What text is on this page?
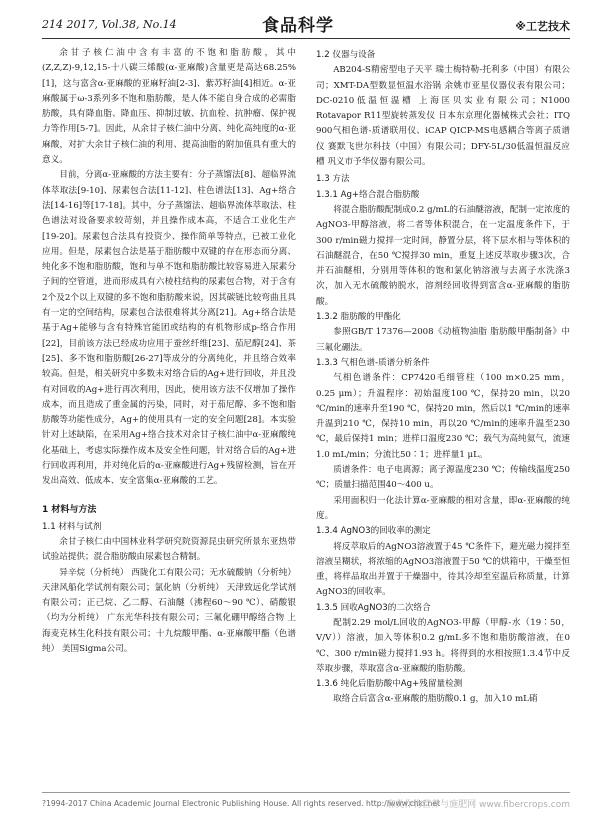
214 2017, Vol.38, No.14	食品科学	※工艺技术

余甘子核仁油中含有丰富的不饱和脂肪酸，其中(Z,Z,Z)-9,12,15-十八碳三烯酸(α-亚麻酸)含量更是高达68.25%[1]，这与富含α-亚麻酸的亚麻籽油[2-3]、紫苏籽油[4]相近。α-亚麻酸属于ω-3系列多不饱和脂肪酸，是人体不能自身合成的必需脂肪酸，具有降血脂、降血压、抑制过敏、抗血栓、抗肿瘤、保护视力等作用[5-7]。因此，从余甘子核仁油中分离、纯化高纯度的α-亚麻酸，对扩大余甘子核仁油的利用、提高油脂的附加值具有重大的意义。

目前，分离α-亚麻酸的方法主要有：分子蒸馏法[8]、超临界流体萃取法[9-10]、尿素包合法[11-12]、柱色谱法[13]、Ag+络合法[14-16]等[17-18]。其中，分子蒸馏法、超临界流体萃取法、柱色谱法对设备要求较苛刻，并且操作成本高，不适合工业化生产[19-20]。尿素包合法具有投资少、操作简单等特点，已被工业化应用。但是，尿素包合法是基于脂肪酸中双键的存在形态而分离、纯化多不饱和脂肪酸，饱和与单不饱和脂肪酸比较容易进入尿素分子间的空管道，进而形成具有六棱柱结构的尿素包合物，对于含有2个及2个以上双键的多不饱和脂肪酸来说，因其碳链比较弯曲且具有一定的空间结构，尿素包合法很难将其分离[21]。Ag+络合法是基于Ag+能够与含有特殊官能团或结构的有机物形成p-络合作用[22]，目前该方法已经成功应用于蚕丝纤维[23]、茄尼醇[24]、茶[25]、多不饱和脂肪酸[26-27]等成分的分离纯化，并且络合效率较高。但是，相关研究中多数未对络合后的Ag+进行回收，并且没有对回收的Ag+进行再次利用，因此，使用该方法不仅增加了操作成本，而且造成了重金属的污染，同时，对于茄尼醇、多不饱和脂肪酸等功能性成分，Ag+的使用具有一定的安全问题[28]。本实验针对上述缺陷，在采用Ag+络合技术对余甘子核仁油中α-亚麻酸纯化基础上，考虑实际操作成本及安全性问题，针对络合后的Ag+进行回收再利用，并对纯化后的α-亚麻酸进行Ag+残留检测，旨在开发出高效、低成本、安全富集α-亚麻酸的工艺。

1 材料与方法
1.1 材料与试剂

余甘子核仁由中国林业科学研究院资源昆虫研究所景东亚热带试验站提供；混合脂肪酸由尿素包合精制。

异辛烷（分析纯） 西陇化工有限公司；无水硫酸钠（分析纯） 天津风船化学试剂有限公司；氯化钠（分析纯） 天津致远化学试剂有限公司；正己烷、乙二醇、石油醚（沸程60～90 ℃）、硝酸银（均为分析纯） 广东光华科技有限公司；三氟化硼甲醇络合物 上海麦克林生化科技有限公司；十九烷酸甲酯、α-亚麻酸甲酯（色谱纯） 美国Sigma公司。

1.2 仪器与设备

AB204-S精密型电子天平 瑞士梅特勒-托利多（中国）有限公司；XMT-DA型数显恒温水浴锅 余姚市亚星仪器仪表有限公司；DC-0210低温恒温槽 上海匡贝实业有限公司；N1000 Rotavapor R11型旋转蒸发仪 日本东京理化器械株式会社；ITQ 900气相色谱-质谱联用仪、iCAP QICP-MS电感耦合等离子质谱仪 赛默飞世尔科技（中国）有限公司；DFY-5L/30低温恒温反应槽 巩义市予华仪器有限公司。

1.3 方法
1.3.1 Ag+络合混合脂肪酸

将混合脂肪酸配制成0.2 g/mL的石油醚溶液，配制一定浓度的AgNO3-甲醇溶液，将二者等体积混合，在一定温度条件下，于300 r/min磁力搅拌一定时间，静置分层，将下层水相与等体积的石油醚混合，在50 ℃搅拌30 min，重复上述反萃取步骤3次，合并石油醚相，分别用等体积的饱和氯化钠溶液与去离子水洗涤3次，加入无水硫酸钠脱水，溶剂经回收得到富含α-亚麻酸的脂肪酸。

1.3.2 脂肪酸的甲酯化

参照GB/T 17376—2008《动植物油脂 脂肪酸甲酯制备》中三氟化硼法。

1.3.3 气相色谱-质谱分析条件

气相色谱条件：CP7420毛细管柱（100 m×0.25 mm，0.25 μm）；升温程序：初始温度100 ℃，保持20 min，以20 ℃/min的速率升至190 ℃，保持20 min，然后以1 ℃/min的速率升温到210 ℃，保持10 min，再以20 ℃/min的速率升温至230 ℃，最后保持1 min；进样口温度230 ℃；载气为高纯氦气，流速1.0 mL/min；分流比50∶1；进样量1 μL。

质谱条件：电子电离源；离子源温度230 ℃；传输线温度250 ℃；质量扫描范围40～400 u。

采用面积归一化法计算α-亚麻酸的相对含量，即α-亚麻酸的纯度。

1.3.4 AgNO3的回收率的测定

将反萃取后的AgNO3溶液置于45 ℃条件下，避光磁力搅拌至溶液呈糊状，将浓缩的AgNO3溶液置于50 ℃的烘箱中，干燥至恒重，将样品取出并置于干燥器中，待其冷却至室温后称质量，计算AgNO3的回收率。

1.3.5 回收AgNO3的二次络合

配制2.29 mol/L回收的AgNO3-甲醇（甲醇-水（19∶50，V/V））溶液，加入等体积0.2 g/mL多不饱和脂肪酸溶液，在0 ℃、300 r/min磁力搅拌1.93 h。将得到的水相按照1.3.4节中反萃取步骤，萃取富含α-亚麻酸的脂肪酸。

1.3.6 纯化后脂肪酸中Ag+残留量检测

取络合后富含α-亚麻酸的脂肪酸0.1 g，加入10 mL硝

?1994-2017 China Academic Journal Electronic Publishing House. All rights reserved. http://www.cnki.net
麻类作物营养与施肥网 www.fibercrops.com
